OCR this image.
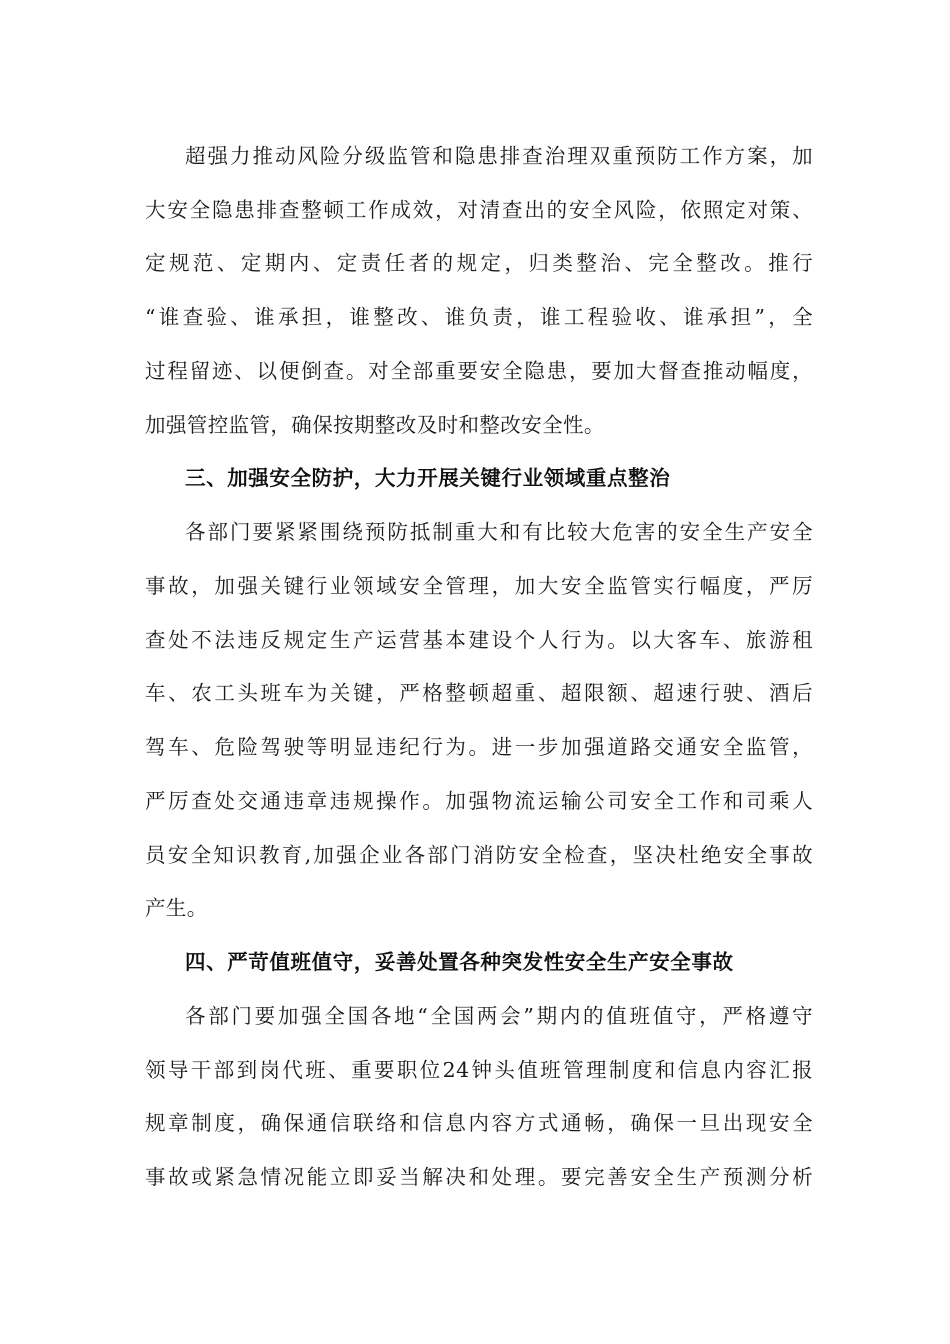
超强力推动风险分级监管和隐患排查治理双重预防工作方案，加
大安全隐患排查整顿工作成效，对清查出的安全风险，依照定对策、
定规范、定期内、定责任者的规定，归类整治、完全整改。推行
“谁查验、谁承担，谁整改、谁负责，谁工程验收、谁承担”，全
过程留迹、以便倒查。对全部重要安全隐患，要加大督查推动幅度，
加强管控监管，确保按期整改及时和整改安全性。
三、加强安全防护，大力开展关键行业领域重点整治
各部门要紧紧围绕预防抵制重大和有比较大危害的安全生产安全
事故，加强关键行业领域安全管理，加大安全监管实行幅度，严厉
查处不法违反规定生产运营基本建设个人行为。以大客车、旅游租
车、农工头班车为关键，严格整顿超重、超限额、超速行驶、酒后
驾车、危险驾驶等明显违纪行为。进一步加强道路交通安全监管，
严厉查处交通违章违规操作。加强物流运输公司安全工作和司乘人
员安全知识教育,加强企业各部门消防安全检查，坚决杜绝安全事故
产生。
四、严苛值班值守，妥善处置各种突发性安全生产安全事故
各部门要加强全国各地“全国两会”期内的值班值守，严格遵守
领导干部到岗代班、重要职位24钟头值班管理制度和信息内容汇报
规章制度，确保通信联络和信息内容方式通畅，确保一旦出现安全
事故或紧急情况能立即妥当解决和处理。要完善安全生产预测分析
